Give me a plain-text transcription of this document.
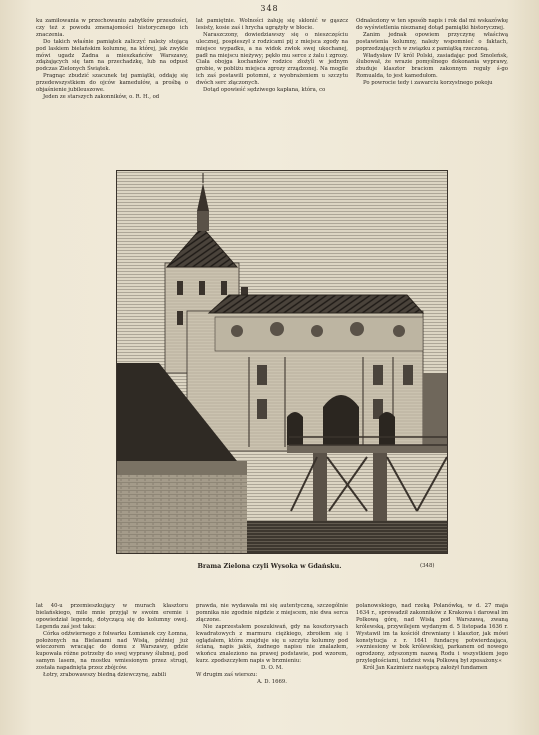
348

ku zamiłowania w przechowaniu zabytków przeszłości, czy też z powodu zmenajomości historycznego ich znaczenia.

Do takich właśnie pamiątek zaliczyć należy stojącą pod laskiem bielańskim kolumnę, na której, jak zwykle mówi ugadz Zadna a mieszkańców Warszawy, zdążających się tam na przechadzkę, lub na odpust podczas Zielonych Świątek.

Pragnąc zbudzić szacunek tej pamiątki, oddaję się przedewszystkiem do ojców kamedułów, a prośbą o objaśnienie jubileuszowe.

Jeden ze starszych zakonników, o. R. H., od

lat pamiętnie. Wolności żałuję się skłonić w gąszcz lesisty, kosie zaś i hrycha ugrążyły w błocie.

Naraszczony, dowiedziawszy się o nieszczęściu ulecznej, pospieszył z rodzicami pij z miejsca zgody na miejsce wypadku, a na widok zwłok swej ukochanej, padł na miejscu nieżywy; pękło mu serce z żalu i zgrozy. Ciała obojga kochanków rodzice złożyli w jednym grobie, w pobliżu miejsca zgrozy zrządzonej. Na mogile ich zaś postawili potomni, z wyobrażeniem u szczytu dwóch serc złączonych.

Dotąd opowieść sędziwego kapłana, która, co

Odnaleziony w ten sposób napis i rok dał mi wskazówkę do wyświetlenia nieznanej dotąd pamiątki historycznej.

Zanim jednak opowiem przyczynę właściwą postawienia kolumny, należy wspomnieć o faktach, poprzedzających w związku z pamiątką rzeczoną.

Władysław IV król Polski, zasiadając pod Smoleńsk, ślubował, że wrazie pomyślnego dokonania wyprawy, zbuduje klasztor braciom zakonnym reguły ś-go Romualda, to jest kamedułom.

Po powrocie tedy i zawarciu korzystnego pokoju

E. GORAZDOWSKI
Brama Zielona czyli Wysoka w Gdańsku.	(348)

lat 40-u przemieszkujący w murach klasztoru bielańskiego, mile mnie przyjął w swoim eremie i opowiedział legendę, dotyczącą się do kolumny owej. Legenda zaś jest taka:

Córka odźwiernego z folwarku Łomianek czy Łomna, położonych na Bielanami nad Wisłą, później już wieczorem wracając do domu z Warszawy, gdzie kupowała różne potrzeby do swej wyprawy ślubnej, pod samym lasem, na mostku wmiesionym przez strugi, została napadnięta przez zbójców.

Łotry, zrabowawszy biedną dziewczynę, zabili

prawda, nie wydawała mi się autentyczną, szczególnie pomnika nie zgodnie nigdzie z miejscem, nie dwa serca złączone.

Nie zaprzestałem poszukiwań, gdy na kosztorysach kwadratowych z marmuru ciężkiego, zbroiłem się i oglądałem, która znajduje się u szczytu kolumny pod ścianą, napis jakiś, żadnego napisu nie znalazłem, wkońcu znaleziono na prawej podstawie, pod wzorem, kurz. zpodszczyłem napis w brzmieniu:

D. O. M.

W drugim zaś wierszu:

A. D. 1669.

polanowskiego, nad rzeką Polanówką, w d. 27 maja 1634 r., sprowadził zakonników z Krakowa i darował im Polkową górę, nad Wisłą pod Warszawą, zwaną królewską, przywilejem wydanym d. 5 listopada 1636 r. Wystawił im ta kościół drewniany i klasztor, jak mówi konstytucja z r. 1641 fundacyę potwierdzająca, »wzniesiony w bok królewskiej, parkanem od nowego ogrodzony, zdyszonym nazwą Rodu i wszystkiem jego przyległościami, tudzież wsią Polkową był zposażony.«

Król Jan Kazimierz następcą założył fundamen
